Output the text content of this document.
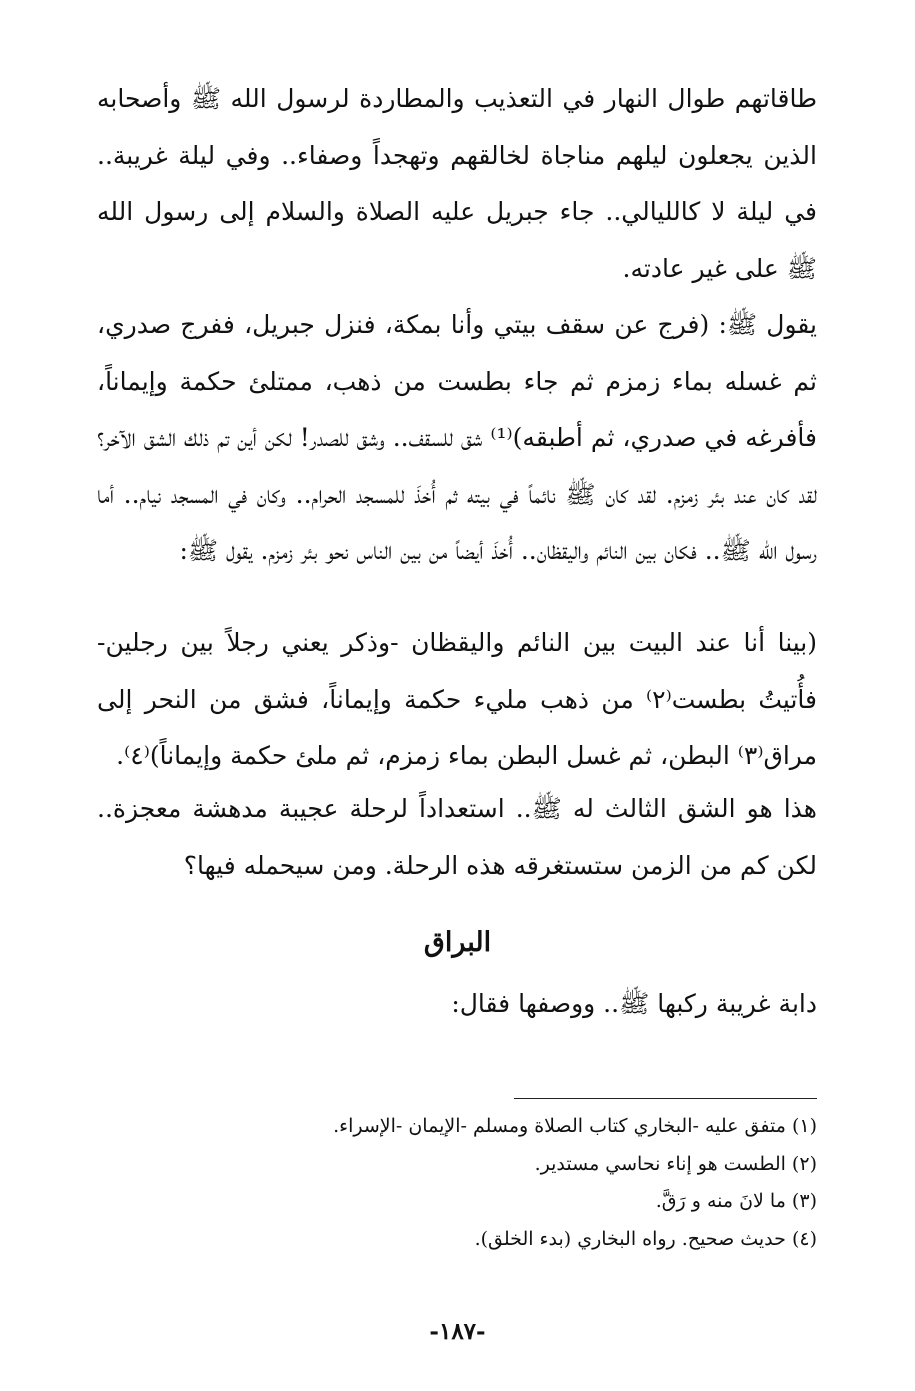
طاقاتهم طوال النهار في التعذيب والمطاردة لرسول الله ﷺ وأصحابه الذين يجعلون ليلهم مناجاة لخالقهم وتهجداً وصفاء.. وفي ليلة غريبة.. في ليلة لا كالليالي.. جاء جبريل عليه الصلاة والسلام إلى رسول الله ﷺ على غير عادته.

يقول ﷺ: (فرج عن سقف بيتي وأنا بمكة، فنزل جبريل، ففرج صدري، ثم غسله بماء زمزم ثم جاء بطست من ذهب، ممتلئ حكمة وإيماناً، فأفرغه في صدري، ثم أطبقه)⁽¹⁾ شق للسقف.. وشق للصدر! لكن أين تم ذلك الشق الآخر؟ لقد كان عند بئر زمزم. لقد كان ﷺ نائماً في بيته ثم أُخذَ للمسجد الحرام.. وكان في المسجد نيام.. أما رسول الله ﷺ.. فكان بين النائم واليقظان.. أُخذَ أيضاً من بين الناس نحو بئر زمزم. يقول ﷺ:

(بينا أنا عند البيت بين النائم واليقظان -وذكر يعني رجلاً بين رجلين- فأُتيتُ بطست⁽٢⁾ من ذهب مليء حكمة وإيماناً، فشق من النحر إلى مراق⁽٣⁾ البطن، ثم غسل البطن بماء زمزم، ثم ملئ حكمة وإيماناً)⁽٤⁾.

هذا هو الشق الثالث له ﷺ.. استعداداً لرحلة عجيبة مدهشة معجزة.. لكن كم من الزمن ستستغرقه هذه الرحلة. ومن سيحمله فيها؟

البراق

دابة غريبة ركبها ﷺ.. ووصفها فقال:

(١) متفق عليه -البخاري كتاب الصلاة ومسلم -الإيمان -الإسراء.
(٢) الطست هو إناء نحاسي مستدير.
(٣) ما لانَ منه و رَقَّ.
(٤) حديث صحيح. رواه البخاري (بدء الخلق).
-١٨٧-
